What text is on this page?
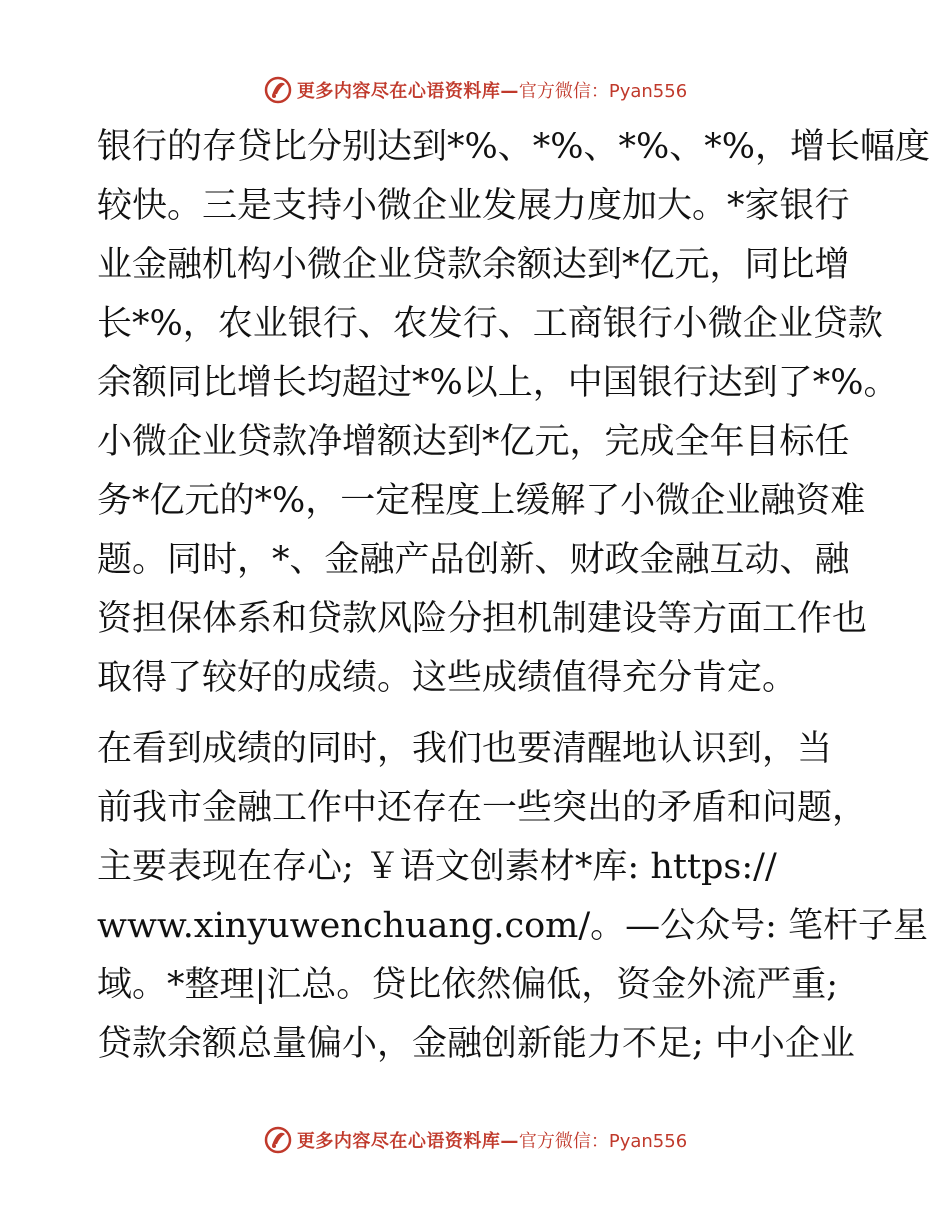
更多内容尽在心语资料库— 官方微信：Pyan556
银行的存贷比分别达到*%、*%、*%、*%，增长幅度
较快。三是支持小微企业发展力度加大。*家银行
业金融机构小微企业贷款余额达到*亿元，同比增
长*%，农业银行、农发行、工商银行小微企业贷款
余额同比增长均超过*%以上，中国银行达到了*%。
小微企业贷款净增额达到*亿元，完成全年目标任
务*亿元的*%，一定程度上缓解了小微企业融资难
题。同时，*、金融产品创新、财政金融互动、融
资担保体系和贷款风险分担机制建设等方面工作也
取得了较好的成绩。这些成绩值得充分肯定。
在看到成绩的同时，我们也要清醒地认识到，当
前我市金融工作中还存在一些突出的矛盾和问题，
主要表现在存心; ￥语文创素材*库: https://
www.xinyuwenchuang.com/。—公众号: 笔杆子星
域。*整理|汇总。贷比依然偏低，资金外流严重;
贷款余额总量偏小，金融创新能力不足; 中小企业
更多内容尽在心语资料库— 官方微信：Pyan556
